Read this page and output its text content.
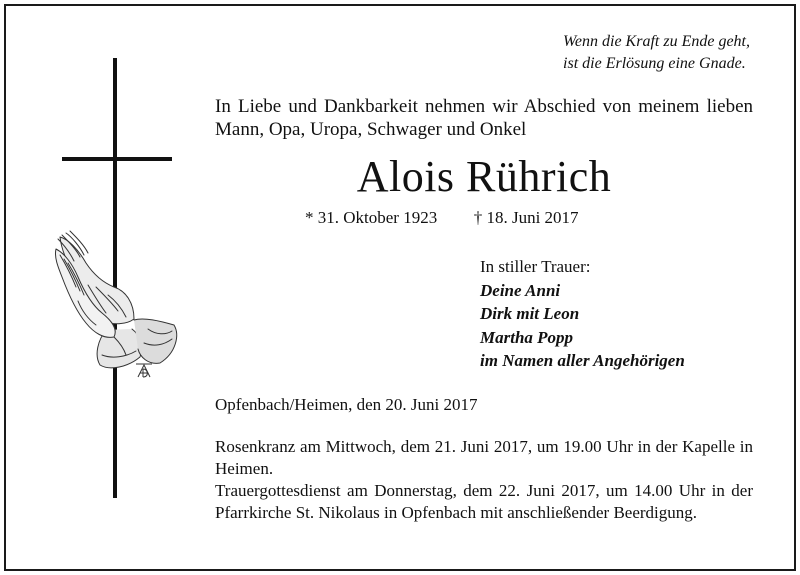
Wenn die Kraft zu Ende geht,
ist die Erlösung eine Gnade.
In Liebe und Dankbarkeit nehmen wir Abschied von meinem lieben Mann, Opa, Uropa, Schwager und Onkel
Alois Rührich
* 31. Oktober 1923 † 18. Juni 2017
In stiller Trauer:
Deine Anni
Dirk mit Leon
Martha Popp
im Namen aller Angehörigen
Opfenbach/Heimen, den 20. Juni 2017

Rosenkranz am Mittwoch, dem 21. Juni 2017, um 19.00 Uhr in der Kapelle in Heimen.

Trauergottesdienst am Donnerstag, dem 22. Juni 2017, um 14.00 Uhr in der Pfarrkirche St. Nikolaus in Opfenbach mit anschließender Beerdigung.
